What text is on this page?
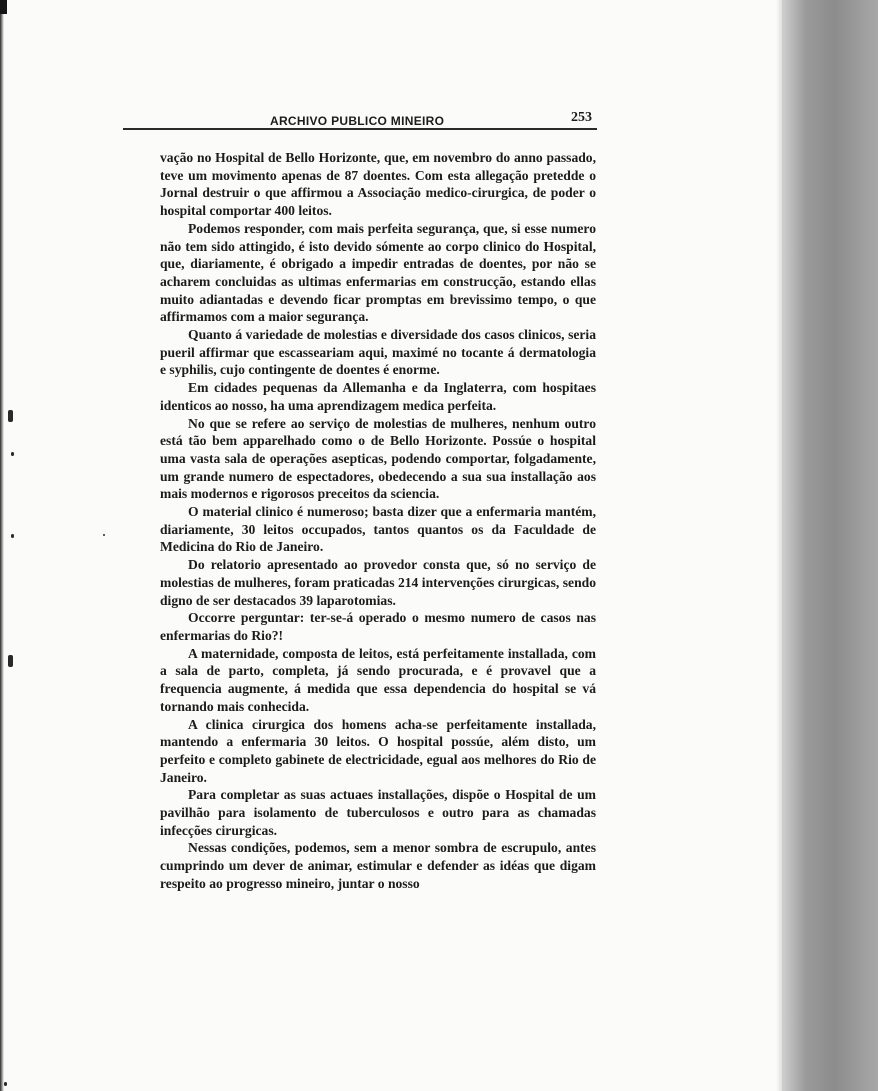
ARCHIVO PUBLICO MINEIRO	253

vação no Hospital de Bello Horizonte, que, em novembro do anno passado, teve um movimento apenas de 87 doentes. Com esta allegação pretedde o Jornal destruir o que affirmou a Associação medico-cirurgica, de poder o hospital comportar 400 leitos.

Podemos responder, com mais perfeita segurança, que, si esse numero não tem sido attingido, é isto devido sómente ao corpo clinico do Hospital, que, diariamente, é obrigado a impedir entradas de doentes, por não se acharem concluidas as ultimas enfermarias em construcção, estando ellas muito adiantadas e devendo ficar promptas em brevissimo tempo, o que affirmamos com a maior segurança.

Quanto á variedade de molestias e diversidade dos casos clinicos, seria pueril affirmar que escasseariam aqui, maximé no tocante á dermatologia e syphilis, cujo contingente de doentes é enorme.

Em cidades pequenas da Allemanha e da Inglaterra, com hospitaes identicos ao nosso, ha uma aprendizagem medica perfeita.

No que se refere ao serviço de molestias de mulheres, nenhum outro está tão bem apparelhado como o de Bello Horizonte. Possúe o hospital uma vasta sala de operações asepticas, podendo comportar, folgadamente, um grande numero de espectadores, obedecendo a sua sua installação aos mais modernos e rigorosos preceitos da sciencia.

O material clinico é numeroso; basta dizer que a enfermaria mantém, diariamente, 30 leitos occupados, tantos quantos os da Faculdade de Medicina do Rio de Janeiro.

Do relatorio apresentado ao provedor consta que, só no serviço de molestias de mulheres, foram praticadas 214 intervenções cirurgicas, sendo digno de ser destacados 39 laparotomias.

Occorre perguntar: ter-se-á operado o mesmo numero de casos nas enfermarias do Rio?!

A maternidade, composta de leitos, está perfeitamente installada, com a sala de parto, completa, já sendo procurada, e é provavel que a frequencia augmente, á medida que essa dependencia do hospital se vá tornando mais conhecida.

A clinica cirurgica dos homens acha-se perfeitamente installada, mantendo a enfermaria 30 leitos. O hospital possúe, além disto, um perfeito e completo gabinete de electricidade, egual aos melhores do Rio de Janeiro.

Para completar as suas actuaes installações, dispõe o Hospital de um pavilhão para isolamento de tuberculosos e outro para as chamadas infecções cirurgicas.

Nessas condições, podemos, sem a menor sombra de escrupulo, antes cumprindo um dever de animar, estimular e defender as idéas que digam respeito ao progresso mineiro, juntar o nosso
